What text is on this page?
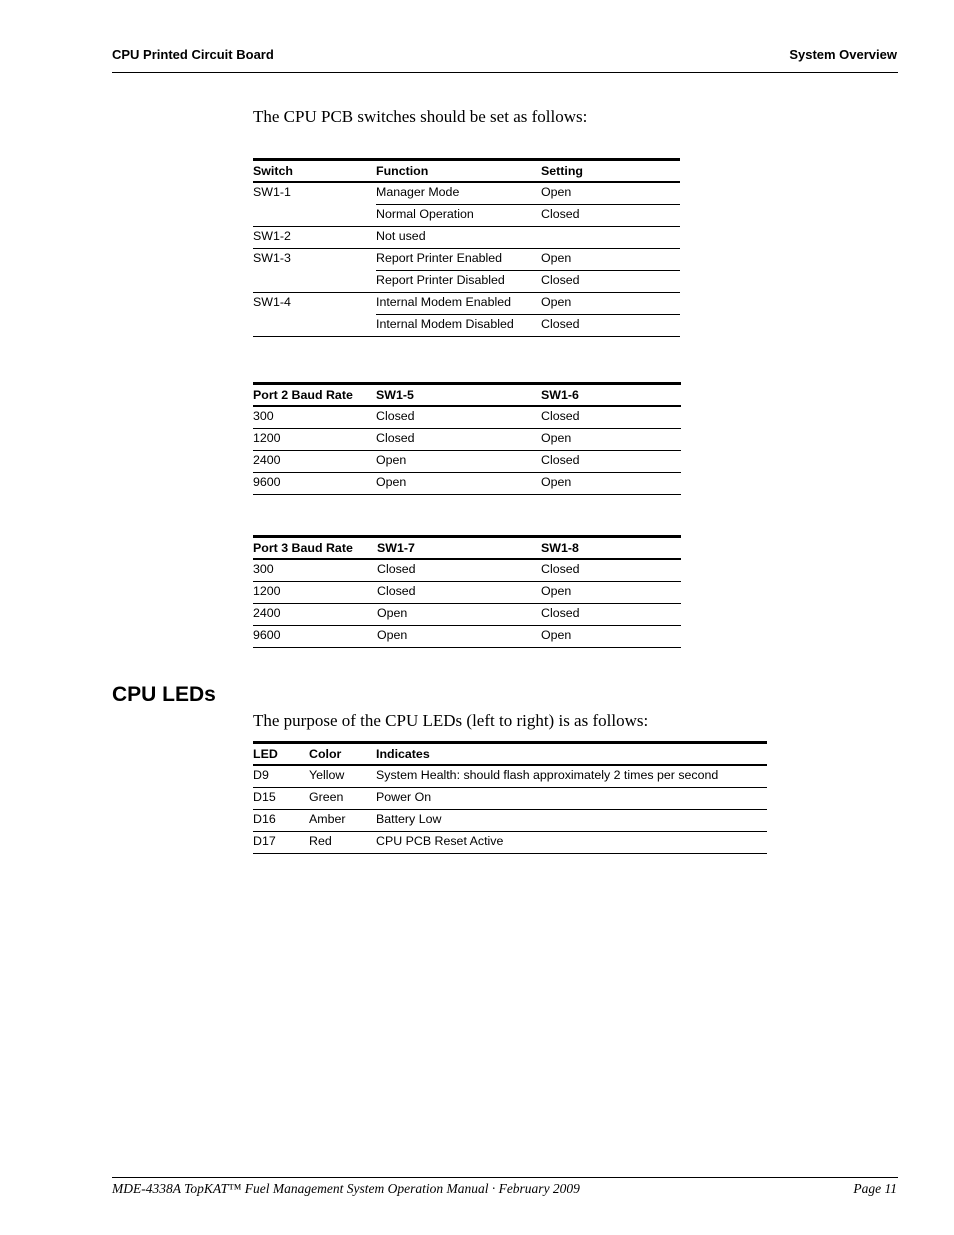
CPU Printed Circuit Board	System Overview
The CPU PCB switches should be set as follows:
Switch	Function	Setting
SW1-1	Manager Mode	Open
	Normal Operation	Closed
SW1-2	Not used	
SW1-3	Report Printer Enabled	Open
	Report Printer Disabled	Closed
SW1-4	Internal Modem Enabled	Open
	Internal Modem Disabled	Closed
Port 2 Baud Rate	SW1-5	SW1-6
300	Closed	Closed
1200	Closed	Open
2400	Open	Closed
9600	Open	Open
Port 3 Baud Rate	SW1-7	SW1-8
300	Closed	Closed
1200	Closed	Open
2400	Open	Closed
9600	Open	Open
CPU LEDs
The purpose of the CPU LEDs (left to right) is as follows:
LED	Color	Indicates
D9	Yellow	System Health: should flash approximately 2 times per second
D15	Green	Power On
D16	Amber	Battery Low
D17	Red	CPU PCB Reset Active
MDE-4338A TopKAT™ Fuel Management System Operation Manual · February 2009	Page 11
